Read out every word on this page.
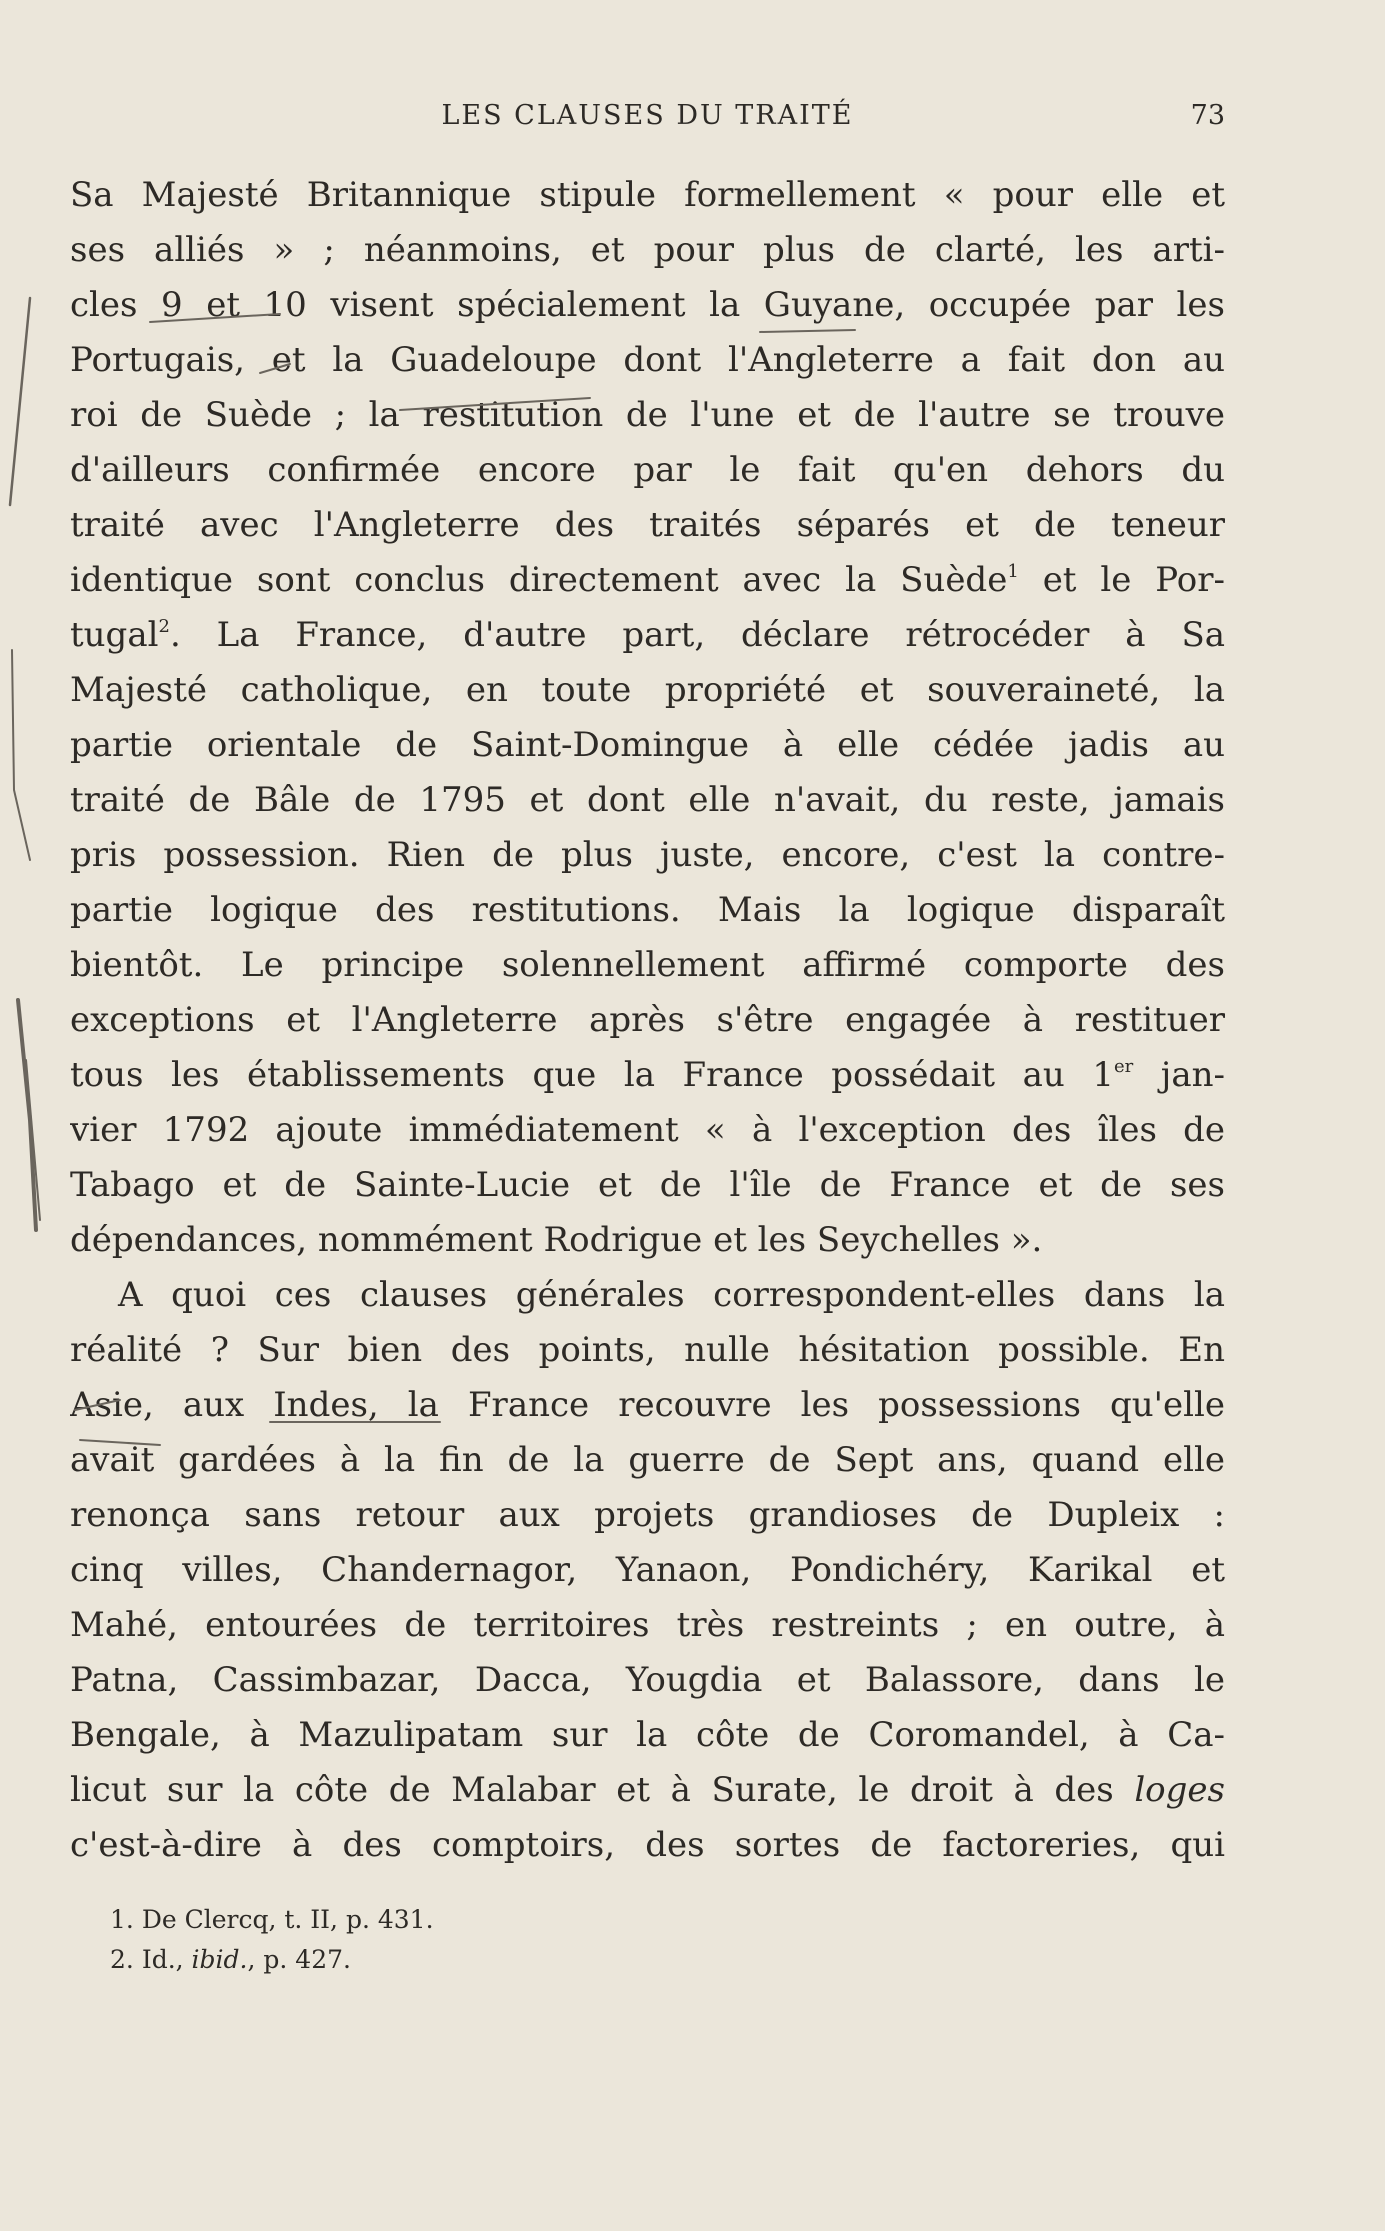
LES CLAUSES DU TRAITÉ	73
Sa Majesté Britannique stipule formellement « pour elle et
ses alliés » ; néanmoins, et pour plus de clarté, les arti-
cles 9 et 10 visent spécialement la Guyane, occupée par les
Portugais, et la Guadeloupe dont l'Angleterre a fait don au
roi de Suède ; la restitution de l'une et de l'autre se trouve
d'ailleurs confirmée encore par le fait qu'en dehors du
traité avec l'Angleterre des traités séparés et de teneur
identique sont conclus directement avec la Suède$^1$ et le Por-
tugal$^2$. La France, d'autre part, déclare rétrocéder à Sa
Majesté catholique, en toute propriété et souveraineté, la
partie orientale de Saint-Domingue à elle cédée jadis au
traité de Bâle de 1795 et dont elle n'avait, du reste, jamais
pris possession. Rien de plus juste, encore, c'est la contre-
partie logique des restitutions. Mais la logique disparaît
bientôt. Le principe solennellement affirmé comporte des
exceptions et l'Angleterre après s'être engagée à restituer
tous les établissements que la France possédait au 1er jan-
vier 1792 ajoute immédiatement « à l'exception des îles de
Tabago et de Sainte-Lucie et de l'île de France et de ses
dépendances, nommément Rodrigue et les Seychelles ».
A quoi ces clauses générales correspondent-elles dans la
réalité ? Sur bien des points, nulle hésitation possible. En
Asie, aux Indes, la France recouvre les possessions qu'elle
avait gardées à la fin de la guerre de Sept ans, quand elle
renonça sans retour aux projets grandioses de Dupleix :
cinq villes, Chandernagor, Yanaon, Pondichéry, Karikal et
Mahé, entourées de territoires très restreints ; en outre, à
Patna, Cassimbazar, Dacca, Yougdia et Balassore, dans le
Bengale, à Mazulipatam sur la côte de Coromandel, à Ca-
licut sur la côte de Malabar et à Surate, le droit à des loges
c'est-à-dire à des comptoirs, des sortes de factoreries, qui
1. De Clercq, t. II, p. 431.
2. Id., ibid., p. 427.
